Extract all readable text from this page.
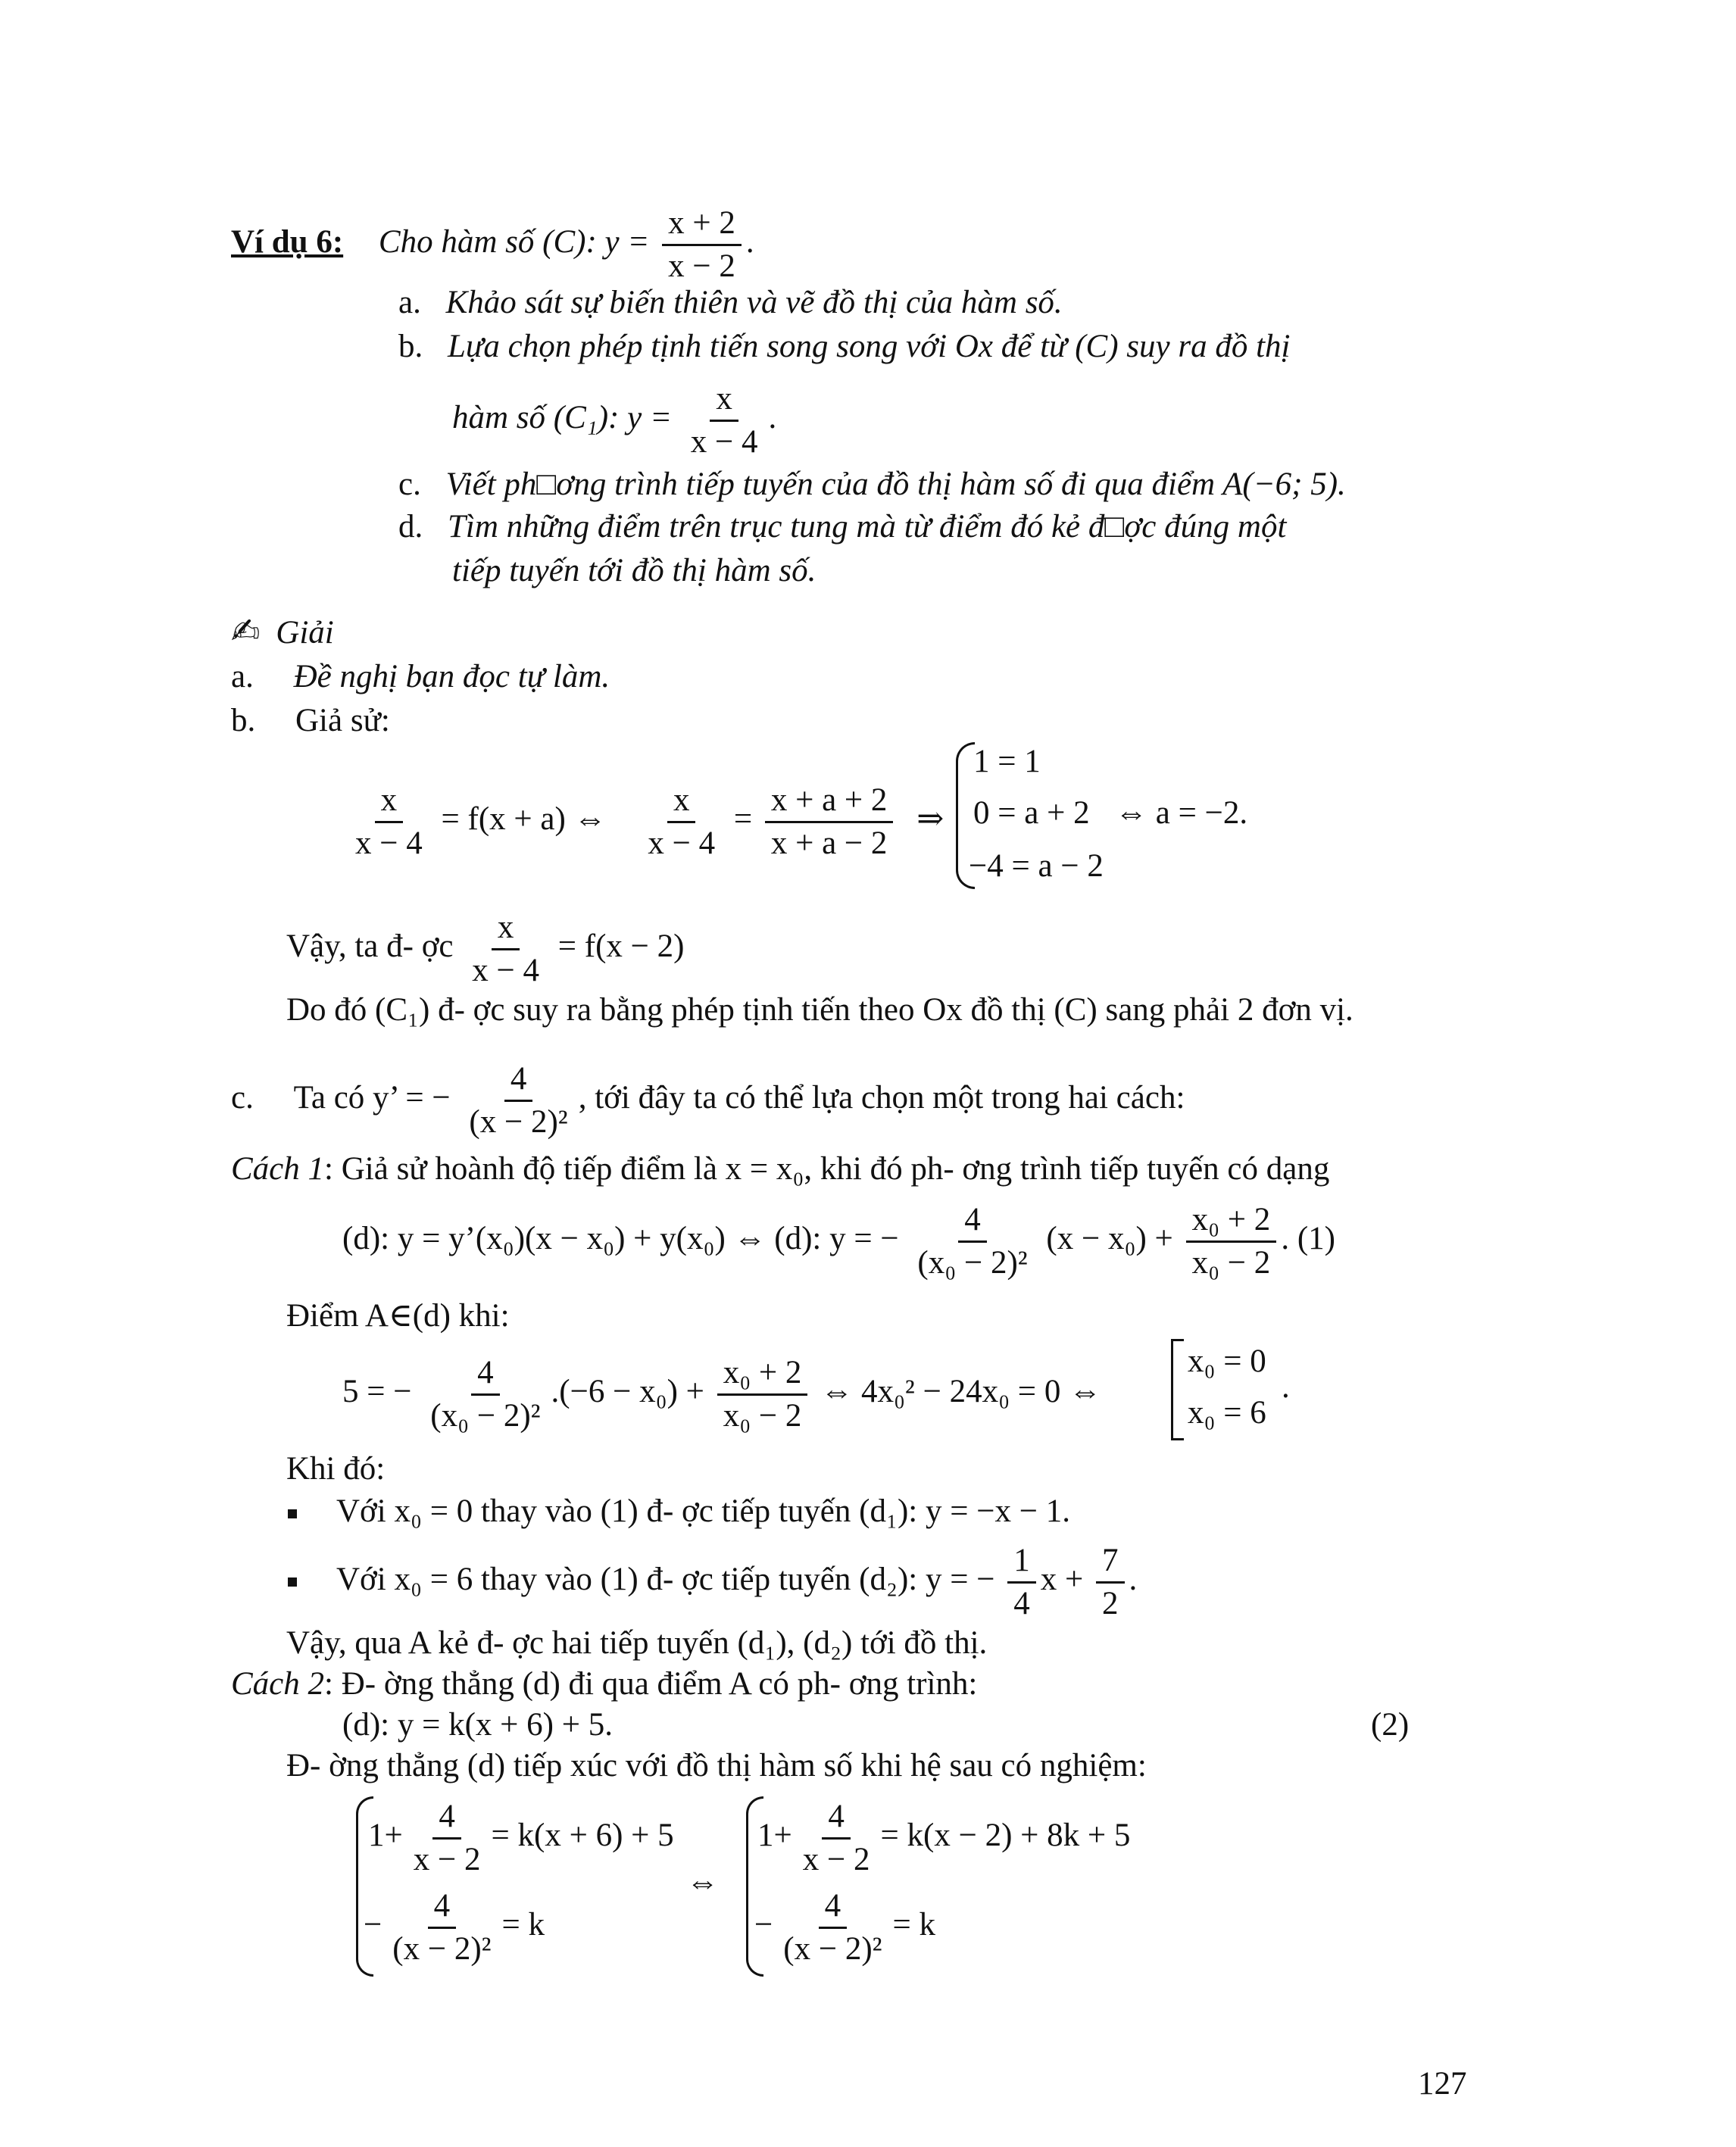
Ví dụ 6: Cho hàm số (C): $y = \frac{x + 2}{x - 2}$ .
a. Khảo sát sự biến thiên và vẽ đồ thị của hàm số.
b. Lựa chọn phép tịnh tiến song song với Ox để từ (C) suy ra đồ thị
hàm số (C₁): $y = \frac{x}{x - 4}$ .
c. Viết ph□ơng trình tiếp tuyến của đồ thị hàm số đi qua điểm A(−6; 5).
d. Tìm những điểm trên trục tung mà từ điểm đó kẻ đ□ợc đúng một
tiếp tuyến tới đồ thị hàm số.
✍ Giải
a. Đề nghị bạn đọc tự làm.
b. Giả sử:
$\frac{x}{x - 4} = f(x + a)$ ⇔ $\frac{x}{x - 4} = \frac{x + a + 2}{x + a - 2}$ ⇒
1 = 1
0 = a + 2
−4 = a − 2
⇔ a = −2.
Vậy, ta đ- ợc $\frac{x}{x - 4} = f(x - 2)$
Do đó (C₁) đ- ợc suy ra bằng phép tịnh tiến theo Ox đồ thị (C) sang phải 2 đơn vị.
c. Ta có y’ = − $\frac{4}{\text{(x − 2)²}}$ , tới đây ta có thể lựa chọn một trong hai cách:
Cách 1: Giả sử hoành độ tiếp điểm là x = x₀, khi đó ph- ơng trình tiếp tuyến có dạng
(d): y = y’(x₀)(x − x₀) + y(x₀) ⇔ (d): y = − $\frac{4}{\text{(x₀ − 2)²}} (x - x_0) + \frac{\text{x₀ + 2}}{\text{x₀ − 2}}$ . (1)
Điểm A∈(d) khi:
5 = − $\frac{4}{\text{(x₀ − 2)²}} .(-6 - x_0) + \frac{\text{x₀ + 2}}{\text{x₀ − 2}}$ ⇔ 4x₀² − 24x₀ = 0 ⇔
x₀ = 0
x₀ = 6
.
Khi đó:
Với x₀ = 0 thay vào (1) đ- ợc tiếp tuyến (d₁): y = −x − 1.
Với x₀ = 6 thay vào (1) đ- ợc tiếp tuyến (d₂): y = − $\frac{1}{4}$ $x + \frac{7}{2}$ .
Vậy, qua A kẻ đ- ợc hai tiếp tuyến (d₁), (d₂) tới đồ thị.
Cách 2: Đ- ờng thẳng (d) đi qua điểm A có ph- ơng trình:
(d): y = k(x + 6) + 5.	(2)
Đ- ờng thẳng (d) tiếp xúc với đồ thị hàm số khi hệ sau có nghiệm:
$1+ \frac{4}{x - 2} = k(x + 6) + 5$
− $\frac{4}{\text{(x − 2)²}} = k$
⇔
$1+ \frac{4}{x - 2} = k(x - 2) + 8k + 5$
− $\frac{4}{\text{(x − 2)²}} = k$
127
